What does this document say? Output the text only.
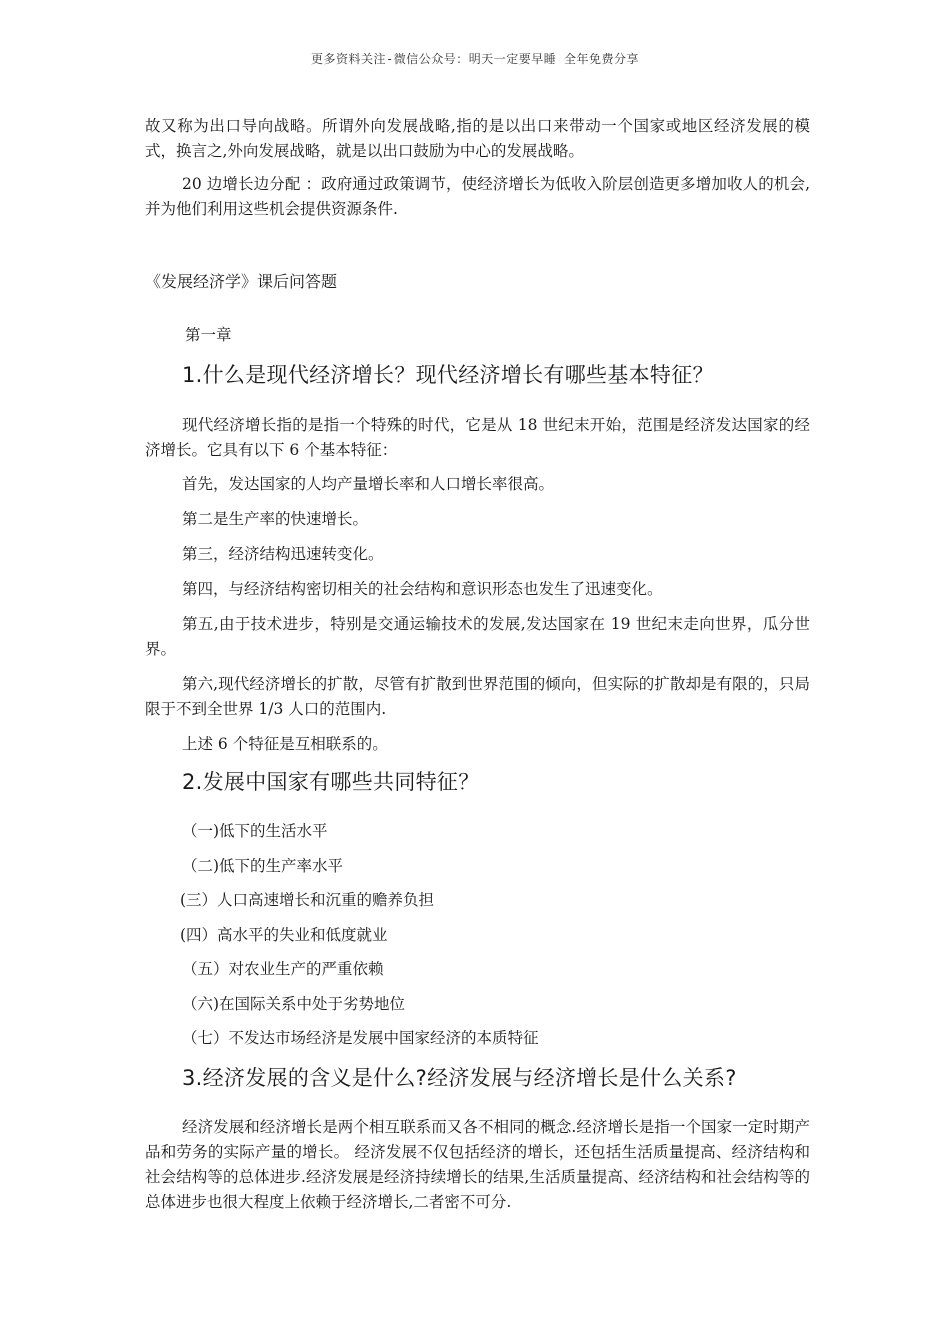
更多资料关注-微信公众号：明天一定要早睡 全年免费分享

故又称为出口导向战略。所谓外向发展战略,指的是以出口来带动一个国家或地区经济发展的模式，换言之,外向发展战略，就是以出口鼓励为中心的发展战略。

20 边增长边分配 ：政府通过政策调节，使经济增长为低收入阶层创造更多增加收人的机会,并为他们利用这些机会提供资源条件.

《发展经济学》课后问答题
第一章
1.什么是现代经济增长？现代经济增长有哪些基本特征？

现代经济增长指的是指一个特殊的时代，它是从 18 世纪末开始，范围是经济发达国家的经济增长。它具有以下 6 个基本特征：

首先，发达国家的人均产量增长率和人口增长率很高。

第二是生产率的快速增长。

第三，经济结构迅速转变化。

第四，与经济结构密切相关的社会结构和意识形态也发生了迅速变化。

第五,由于技术进步，特别是交通运输技术的发展,发达国家在 19 世纪末走向世界，瓜分世界。

第六,现代经济增长的扩散，尽管有扩散到世界范围的倾向，但实际的扩散却是有限的，只局限于不到全世界 1/3 人口的范围内.

上述 6 个特征是互相联系的。

2.发展中国家有哪些共同特征？
（一)低下的生活水平
（二)低下的生产率水平
(三）人口高速增长和沉重的赡养负担
(四）高水平的失业和低度就业
（五）对农业生产的严重依赖
（六)在国际关系中处于劣势地位
（七）不发达市场经济是发展中国家经济的本质特征
3.经济发展的含义是什么?经济发展与经济增长是什么关系?

经济发展和经济增长是两个相互联系而又各不相同的概念.经济增长是指一个国家一定时期产品和劳务的实际产量的增长。 经济发展不仅包括经济的增长，还包括生活质量提高、经济结构和社会结构等的总体进步.经济发展是经济持续增长的结果,生活质量提高、经济结构和社会结构等的总体进步也很大程度上依赖于经济增长,二者密不可分.
